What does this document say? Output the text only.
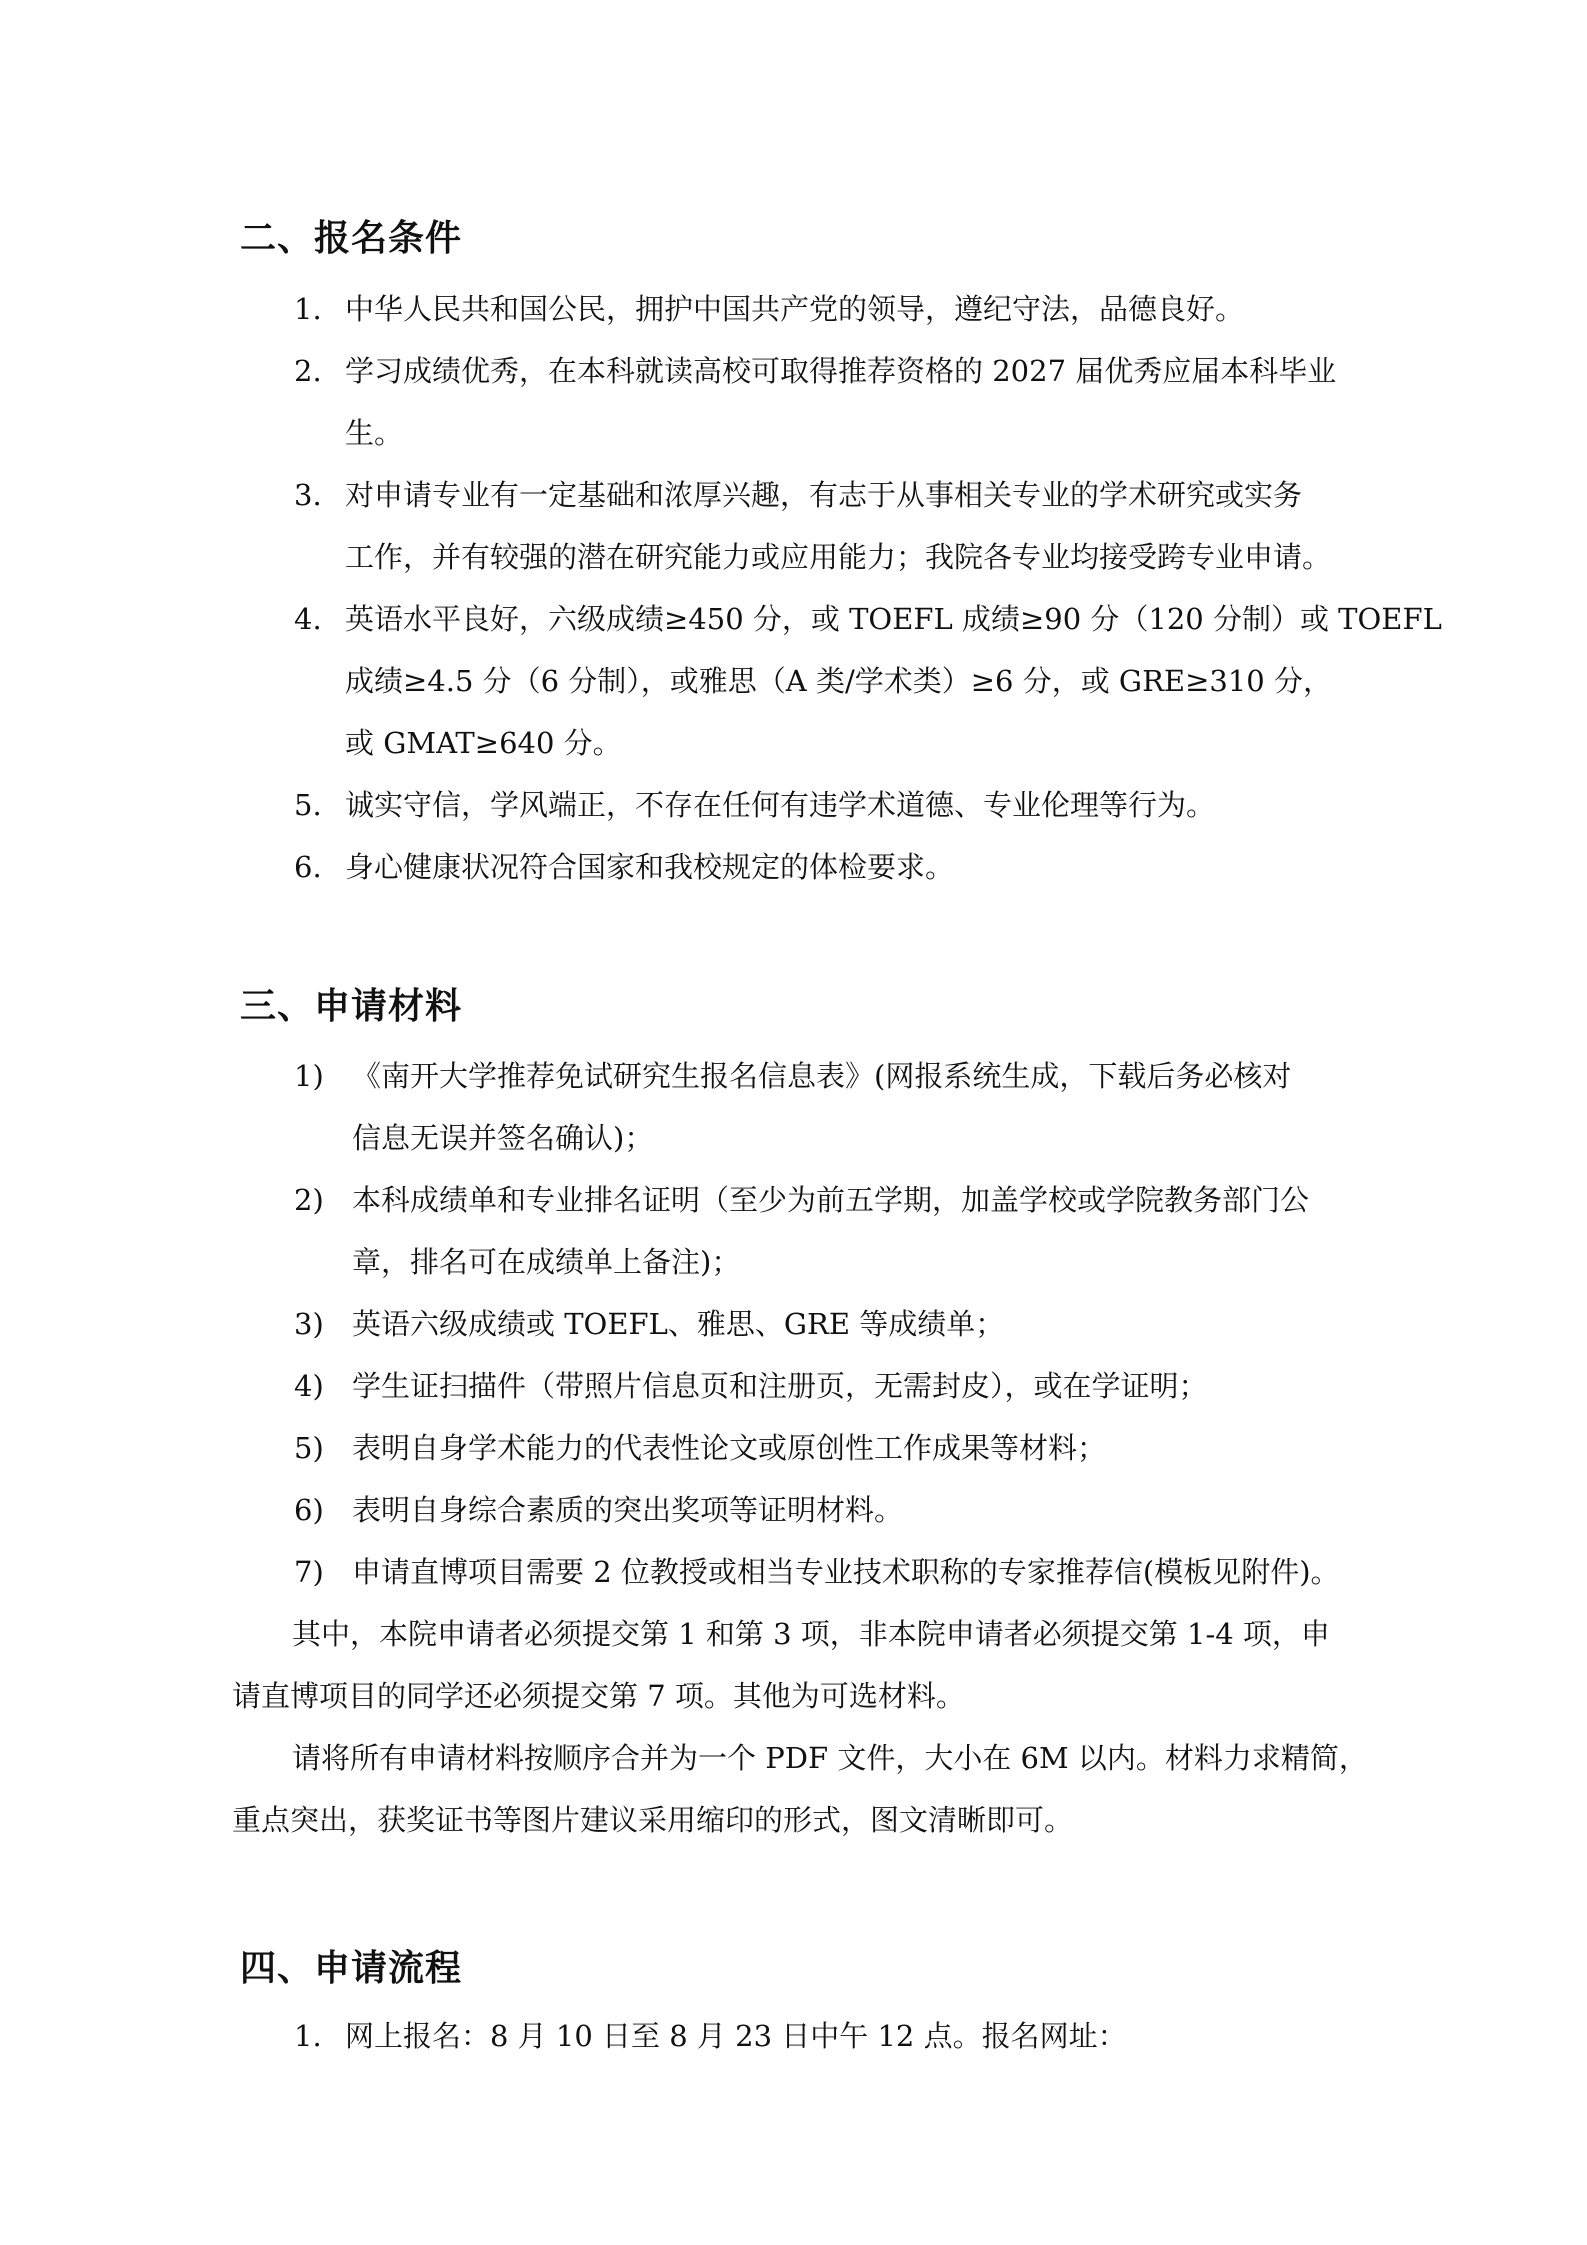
二、报名条件
1. 中华人民共和国公民，拥护中国共产党的领导，遵纪守法，品德良好。
2. 学习成绩优秀，在本科就读高校可取得推荐资格的 2027 届优秀应届本科毕业
生。
3. 对申请专业有一定基础和浓厚兴趣，有志于从事相关专业的学术研究或实务
工作，并有较强的潜在研究能力或应用能力；我院各专业均接受跨专业申请。
4. 英语水平良好，六级成绩≥450 分，或 TOEFL 成绩≥90 分（120 分制）或 TOEFL
成绩≥4.5 分（6 分制），或雅思（A 类/学术类）≥6 分，或 GRE≥310 分，
或 GMAT≥640 分。
5. 诚实守信，学风端正，不存在任何有违学术道德、专业伦理等行为。
6. 身心健康状况符合国家和我校规定的体检要求。
三、申请材料
1) 《南开大学推荐免试研究生报名信息表》(网报系统生成，下载后务必核对
信息无误并签名确认)；
2) 本科成绩单和专业排名证明（至少为前五学期，加盖学校或学院教务部门公
章，排名可在成绩单上备注)；
3) 英语六级成绩或 TOEFL、雅思、GRE 等成绩单；
4) 学生证扫描件（带照片信息页和注册页，无需封皮），或在学证明；
5) 表明自身学术能力的代表性论文或原创性工作成果等材料；
6) 表明自身综合素质的突出奖项等证明材料。
7) 申请直博项目需要 2 位教授或相当专业技术职称的专家推荐信(模板见附件)。
其中，本院申请者必须提交第 1 和第 3 项，非本院申请者必须提交第 1-4 项，申
请直博项目的同学还必须提交第 7 项。其他为可选材料。
请将所有申请材料按顺序合并为一个 PDF 文件，大小在 6M 以内。材料力求精简，
重点突出，获奖证书等图片建议采用缩印的形式，图文清晰即可。
四、申请流程
1. 网上报名：8 月 10 日至 8 月 23 日中午 12 点。报名网址：
